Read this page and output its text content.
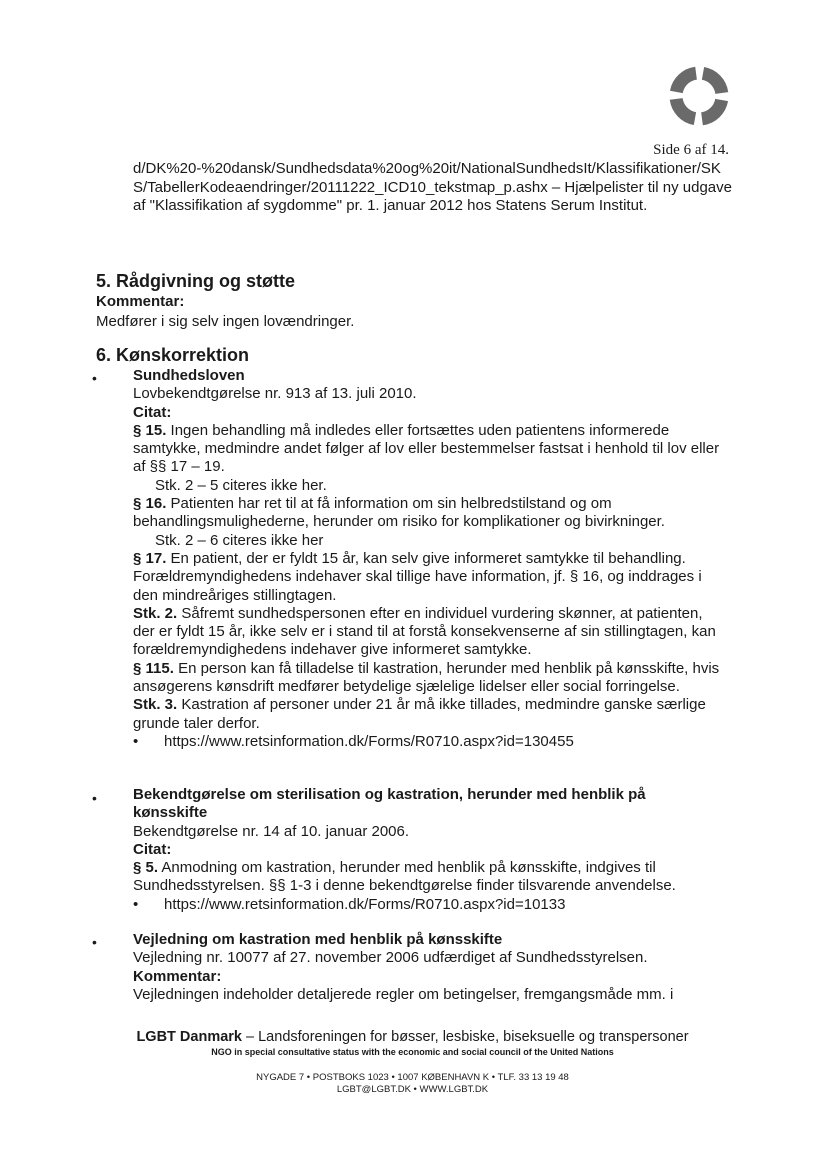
Side 6 af 14.

d/DK%20-%20dansk/Sundhedsdata%20og%20it/NationalSundhedsIt/Klassifikationer/SKS/TabellerKodeaendringer/20111222_ICD10_tekstmap_p.ashx – Hjælpelister til ny udgave af "Klassifikation af sygdomme" pr. 1. januar 2012 hos Statens Serum Institut.

5. Rådgivning og støtte
Kommentar:
Medfører i sig selv ingen lovændringer.
6. Kønskorrektion
• Sundhedsloven

Lovbekendtgørelse nr. 913 af 13. juli 2010.

Citat:

§ 15. Ingen behandling må indledes eller fortsættes uden patientens informerede samtykke, medmindre andet følger af lov eller bestemmelser fastsat i henhold til lov eller af §§ 17 – 19.

Stk. 2 – 5 citeres ikke her.

§ 16. Patienten har ret til at få information om sin helbredstilstand og om behandlingsmulighederne, herunder om risiko for komplikationer og bivirkninger.

Stk. 2 – 6 citeres ikke her

§ 17. En patient, der er fyldt 15 år, kan selv give informeret samtykke til behandling. Forældremyndighedens indehaver skal tillige have information, jf. § 16, og inddrages i den mindreåriges stillingtagen.

Stk. 2. Såfremt sundhedspersonen efter en individuel vurdering skønner, at patienten, der er fyldt 15 år, ikke selv er i stand til at forstå konsekvenserne af sin stillingtagen, kan forældremyndighedens indehaver give informeret samtykke.

§ 115. En person kan få tilladelse til kastration, herunder med henblik på kønsskifte, hvis ansøgerens kønsdrift medfører betydelige sjælelige lidelser eller social forringelse.

Stk. 3. Kastration af personer under 21 år må ikke tillades, medmindre ganske særlige grunde taler derfor.

• https://www.retsinformation.dk/Forms/R0710.aspx?id=130455

• Bekendtgørelse om sterilisation og kastration, herunder med henblik på kønsskifte

Bekendtgørelse nr. 14 af 10. januar 2006.

Citat:

§ 5. Anmodning om kastration, herunder med henblik på kønsskifte, indgives til Sundhedsstyrelsen. §§ 1-3 i denne bekendtgørelse finder tilsvarende anvendelse.

• https://www.retsinformation.dk/Forms/R0710.aspx?id=10133

• Vejledning om kastration med henblik på kønsskifte

Vejledning nr. 10077 af 27. november 2006 udfærdiget af Sundhedsstyrelsen.

Kommentar:

Vejledningen indeholder detaljerede regler om betingelser, fremgangsmåde mm. i

LGBT Danmark – Landsforeningen for bøsser, lesbiske, biseksuelle og transpersoner
NGO in special consultative status with the economic and social council of the United Nations
NYGADE 7 • POSTBOKS 1023 • 1007 KØBENHAVN K • TLF. 33 13 19 48
LGBT@LGBT.DK • WWW.LGBT.DK
